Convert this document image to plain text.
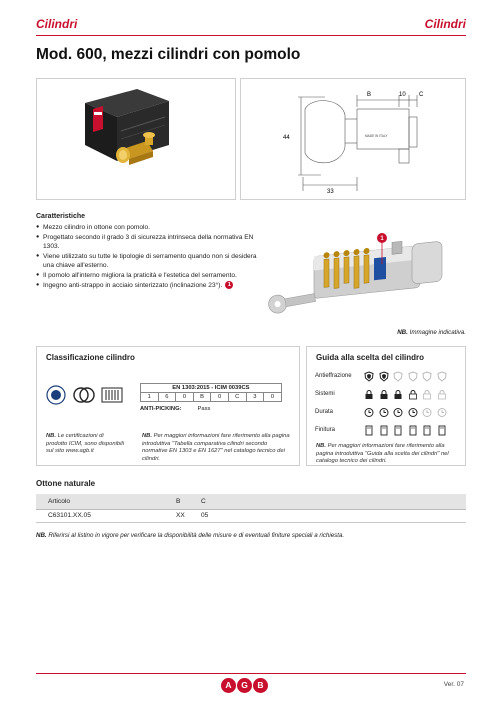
Cilindri	Cilindri
Mod. 600, mezzi cilindri con pomolo
B	10 C
44
33
MADE IN ITALY
Caratteristiche
● Mezzo cilindro in ottone con pomolo.
● Progettato secondo il grado 3 di sicurezza intrinseca della normativa EN 1303.
● Viene utilizzato su tutte le tipologie di serramento quando non si desidera una chiave all'esterno.
● Il pomolo all'interno migliora la praticità e l'estetica del serramento.
● Ingegno anti-strappo in acciaio sinterizzato (inclinazione 23°). 1
1
NB. Immagine indicativa.
Classificazione cilindro
EN 1303:2015 - ICIM 0039CS
1	6	0	B	0	C	3	0
ANTI-PICKING:	Pass
NB. Le certificazioni di prodotto ICIM, sono disponibili sul sito www.agb.it
NB. Per maggiori informazioni fare riferimento alla pagina introduttiva "Tabella comparativa cilindri secondo normative EN 1303 e EN 1627" nel catalogo tecnico dei cilindri.
Guida alla scelta del cilindro
Antieffrazione
Sistemi
Durata
Finitura
NB. Per maggiori informazioni fare riferimento alla pagina introduttiva "Guida alla scelta dei cilindri" nel catalogo tecnico dei cilindri.
Ottone naturale
Articolo	B	C
C63101.XX.05	XX	05
NB. Riferirsi al listino in vigore per verificare la disponibilità delle misure e di eventuali finiture speciali a richiesta.
A	G	B	Ver. 07
